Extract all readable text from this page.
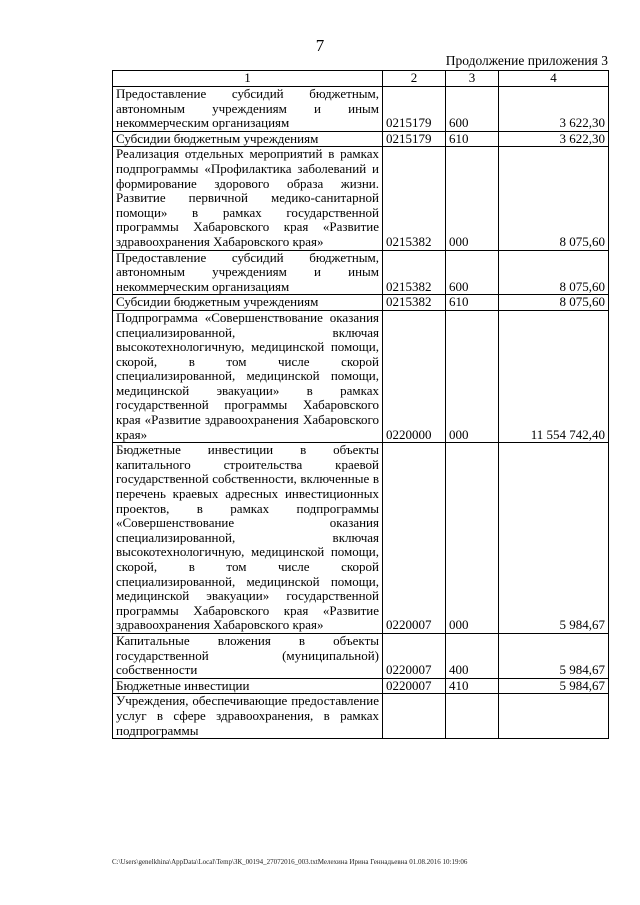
7
Продолжение приложения 3
1	2	3	4
Предоставление субсидий бюджетным, автономным учреждениям и иным некоммерческим организациям	0215179	600	3 622,30
Субсидии бюджетным учреждениям	0215179	610	3 622,30
Реализация отдельных мероприятий в рамках подпрограммы «Профилактика заболеваний и формирование здорового образа жизни. Развитие первичной медико-санитарной помощи» в рамках государственной программы Хабаровского края «Развитие здравоохранения Хабаровского края»	0215382	000	8 075,60
Предоставление субсидий бюджетным, автономным учреждениям и иным некоммерческим организациям	0215382	600	8 075,60
Субсидии бюджетным учреждениям	0215382	610	8 075,60
Подпрограмма «Совершенствование оказания специализированной, включая высокотехнологичную, медицинской помощи, скорой, в том числе скорой специализированной, медицинской помощи, медицинской эвакуации» в рамках государственной программы Хабаровского края «Развитие здравоохранения Хабаровского края»	0220000	000	11 554 742,40
Бюджетные инвестиции в объекты капитального строительства краевой государственной собственности, включенные в перечень краевых адресных инвестиционных проектов, в рамках подпрограммы «Совершенствование оказания специализированной, включая высокотехнологичную, медицинской помощи, скорой, в том числе скорой специализированной, медицинской помощи, медицинской эвакуации» государственной программы Хабаровского края «Развитие здравоохранения Хабаровского края»	0220007	000	5 984,67
Капитальные вложения в объекты государственной (муниципальной) собственности	0220007	400	5 984,67
Бюджетные инвестиции	0220007	410	5 984,67
Учреждения, обеспечивающие предоставление услуг в сфере здравоохранения, в рамках подпрограммы			
C:\Users\genelkhina\AppData\Local\Temp\ЗК_00194_27072016_003.txtМелехина Ирина Геннадьевна 01.08.2016 10:19:06
